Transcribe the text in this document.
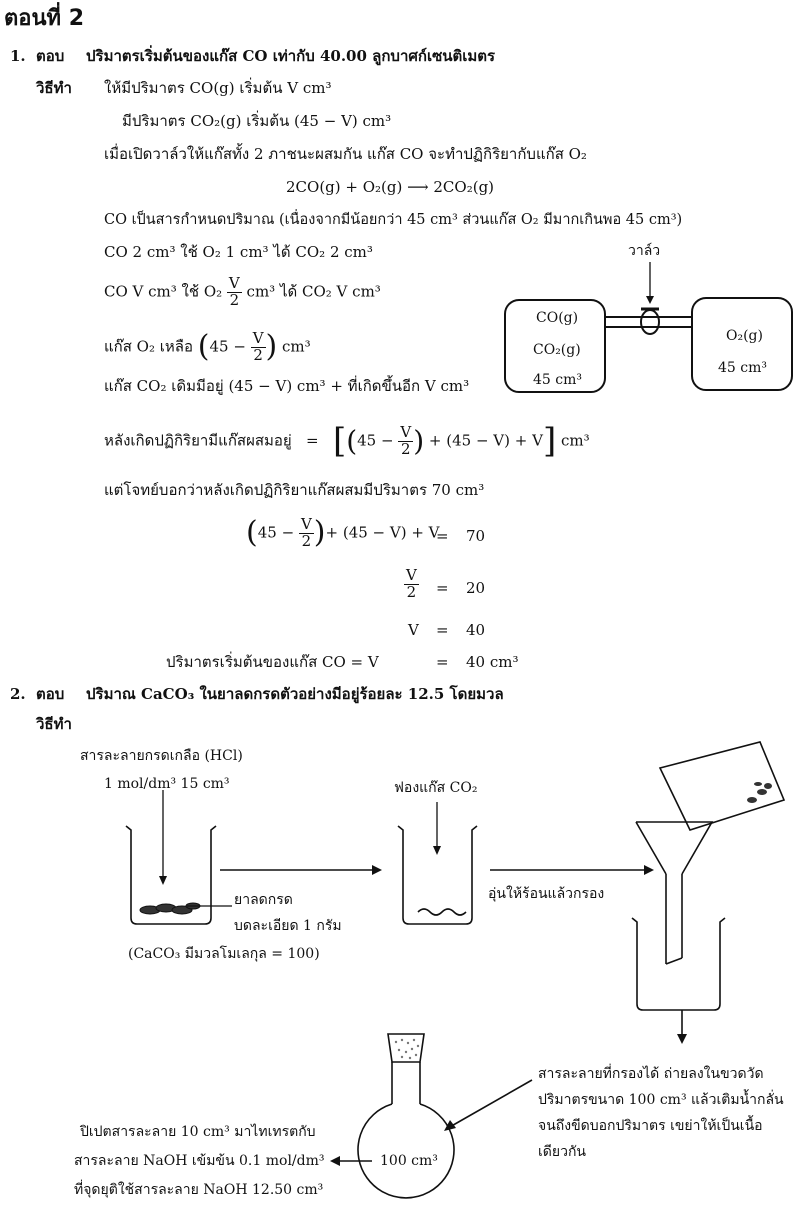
ตอนที่ 2
1. ตอบ ปริมาตรเริ่มต้นของแก๊ส CO เท่ากับ 40.00 ลูกบาศก์เซนติเมตร
วิธีทำ ให้มีปริมาตร CO(g) เริ่มต้น V cm³
มีปริมาตร CO₂(g) เริ่มต้น (45 − V) cm³
เมื่อเปิดวาล์วให้แก๊สทั้ง 2 ภาชนะผสมกัน แก๊ส CO จะทำปฏิกิริยากับแก๊ส O₂
2CO(g) + O₂(g) ⟶ 2CO₂(g)
CO เป็นสารกำหนดปริมาณ (เนื่องจากมีน้อยกว่า 45 cm³ ส่วนแก๊ส O₂ มีมากเกินพอ 45 cm³)
CO 2 cm³ ใช้ O₂ 1 cm³ ได้ CO₂ 2 cm³
CO V cm³ ใช้ $O_2 \frac{V}{2} cm^3$ ได้ CO₂ V cm³
แก๊ส O₂ เหลือ ($45 - \frac{V}{2}$ ) cm³
แก๊ส CO₂ เดิมมีอยู่ (45 − V) cm³ + ที่เกิดขึ้นอีก V cm³
หลังเกิดปฏิกิริยามีแก๊สผสมอยู่ = [($45 - \frac{V}{2}$ ) + (45 − V) + V] cm³
แต่โจทย์บอกว่าหลังเกิดปฏิกิริยาแก๊สผสมมีปริมาตร 70 cm³
($45 - \frac{V}{2}$ )+ (45 − V) + V
= 70
$\frac{V}{2} = 20$
V = 40
ปริมาตรเริ่มต้นของแก๊ส CO = V	= 40 cm³
วาล์ว
CO(g)
CO₂(g)
45 cm³
O₂(g)
45 cm³
2. ตอบ ปริมาณ CaCO₃ ในยาลดกรดตัวอย่างมีอยู่ร้อยละ 12.5 โดยมวล
วิธีทำ
สารละลายกรดเกลือ (HCl)
1 mol/dm³ 15 cm³
ยาลดกรด
บดละเอียด 1 กรัม
(CaCO₃ มีมวลโมเลกุล = 100)
ฟองแก๊ส CO₂
อุ่นให้ร้อนแล้วกรอง
สารละลายที่กรองได้ ถ่ายลงในขวดวัด
ปริมาตรขนาด 100 cm³ แล้วเติมน้ำกลั่น
จนถึงขีดบอกปริมาตร เขย่าให้เป็นเนื้อ
เดียวกัน
100 cm³
ปิเปตสารละลาย 10 cm³ มาไทเทรตกับ
สารละลาย NaOH เข้มข้น 0.1 mol/dm³
ที่จุดยุติใช้สารละลาย NaOH 12.50 cm³
